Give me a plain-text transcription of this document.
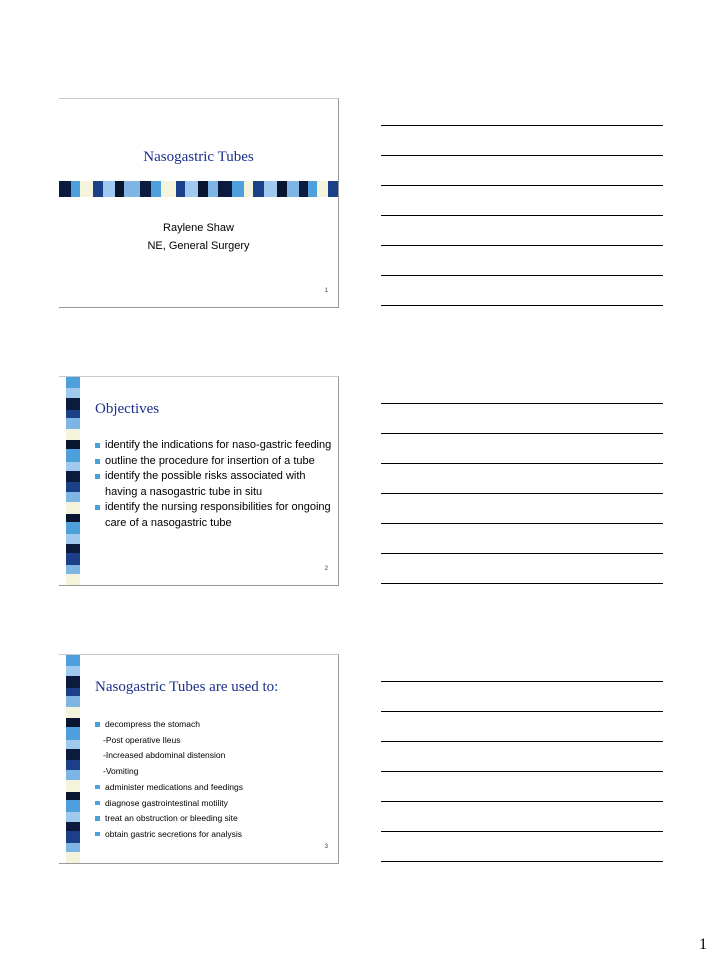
Nasogastric Tubes
Raylene Shaw
NE, General Surgery
1
Objectives
identify the indications for naso-gastric feeding
outline the procedure for insertion of a tube
identify the possible risks associated with having a nasogastric tube in situ
identify the nursing responsibilities for ongoing care of a nasogastric tube
2
Nasogastric Tubes are used to:
decompress the stomach
-Post operative Ileus
-Increased abdominal distension
-Vomiting
administer medications and feedings
diagnose gastrointestinal motility
treat an obstruction or bleeding site
obtain gastric secretions for analysis
3
1
